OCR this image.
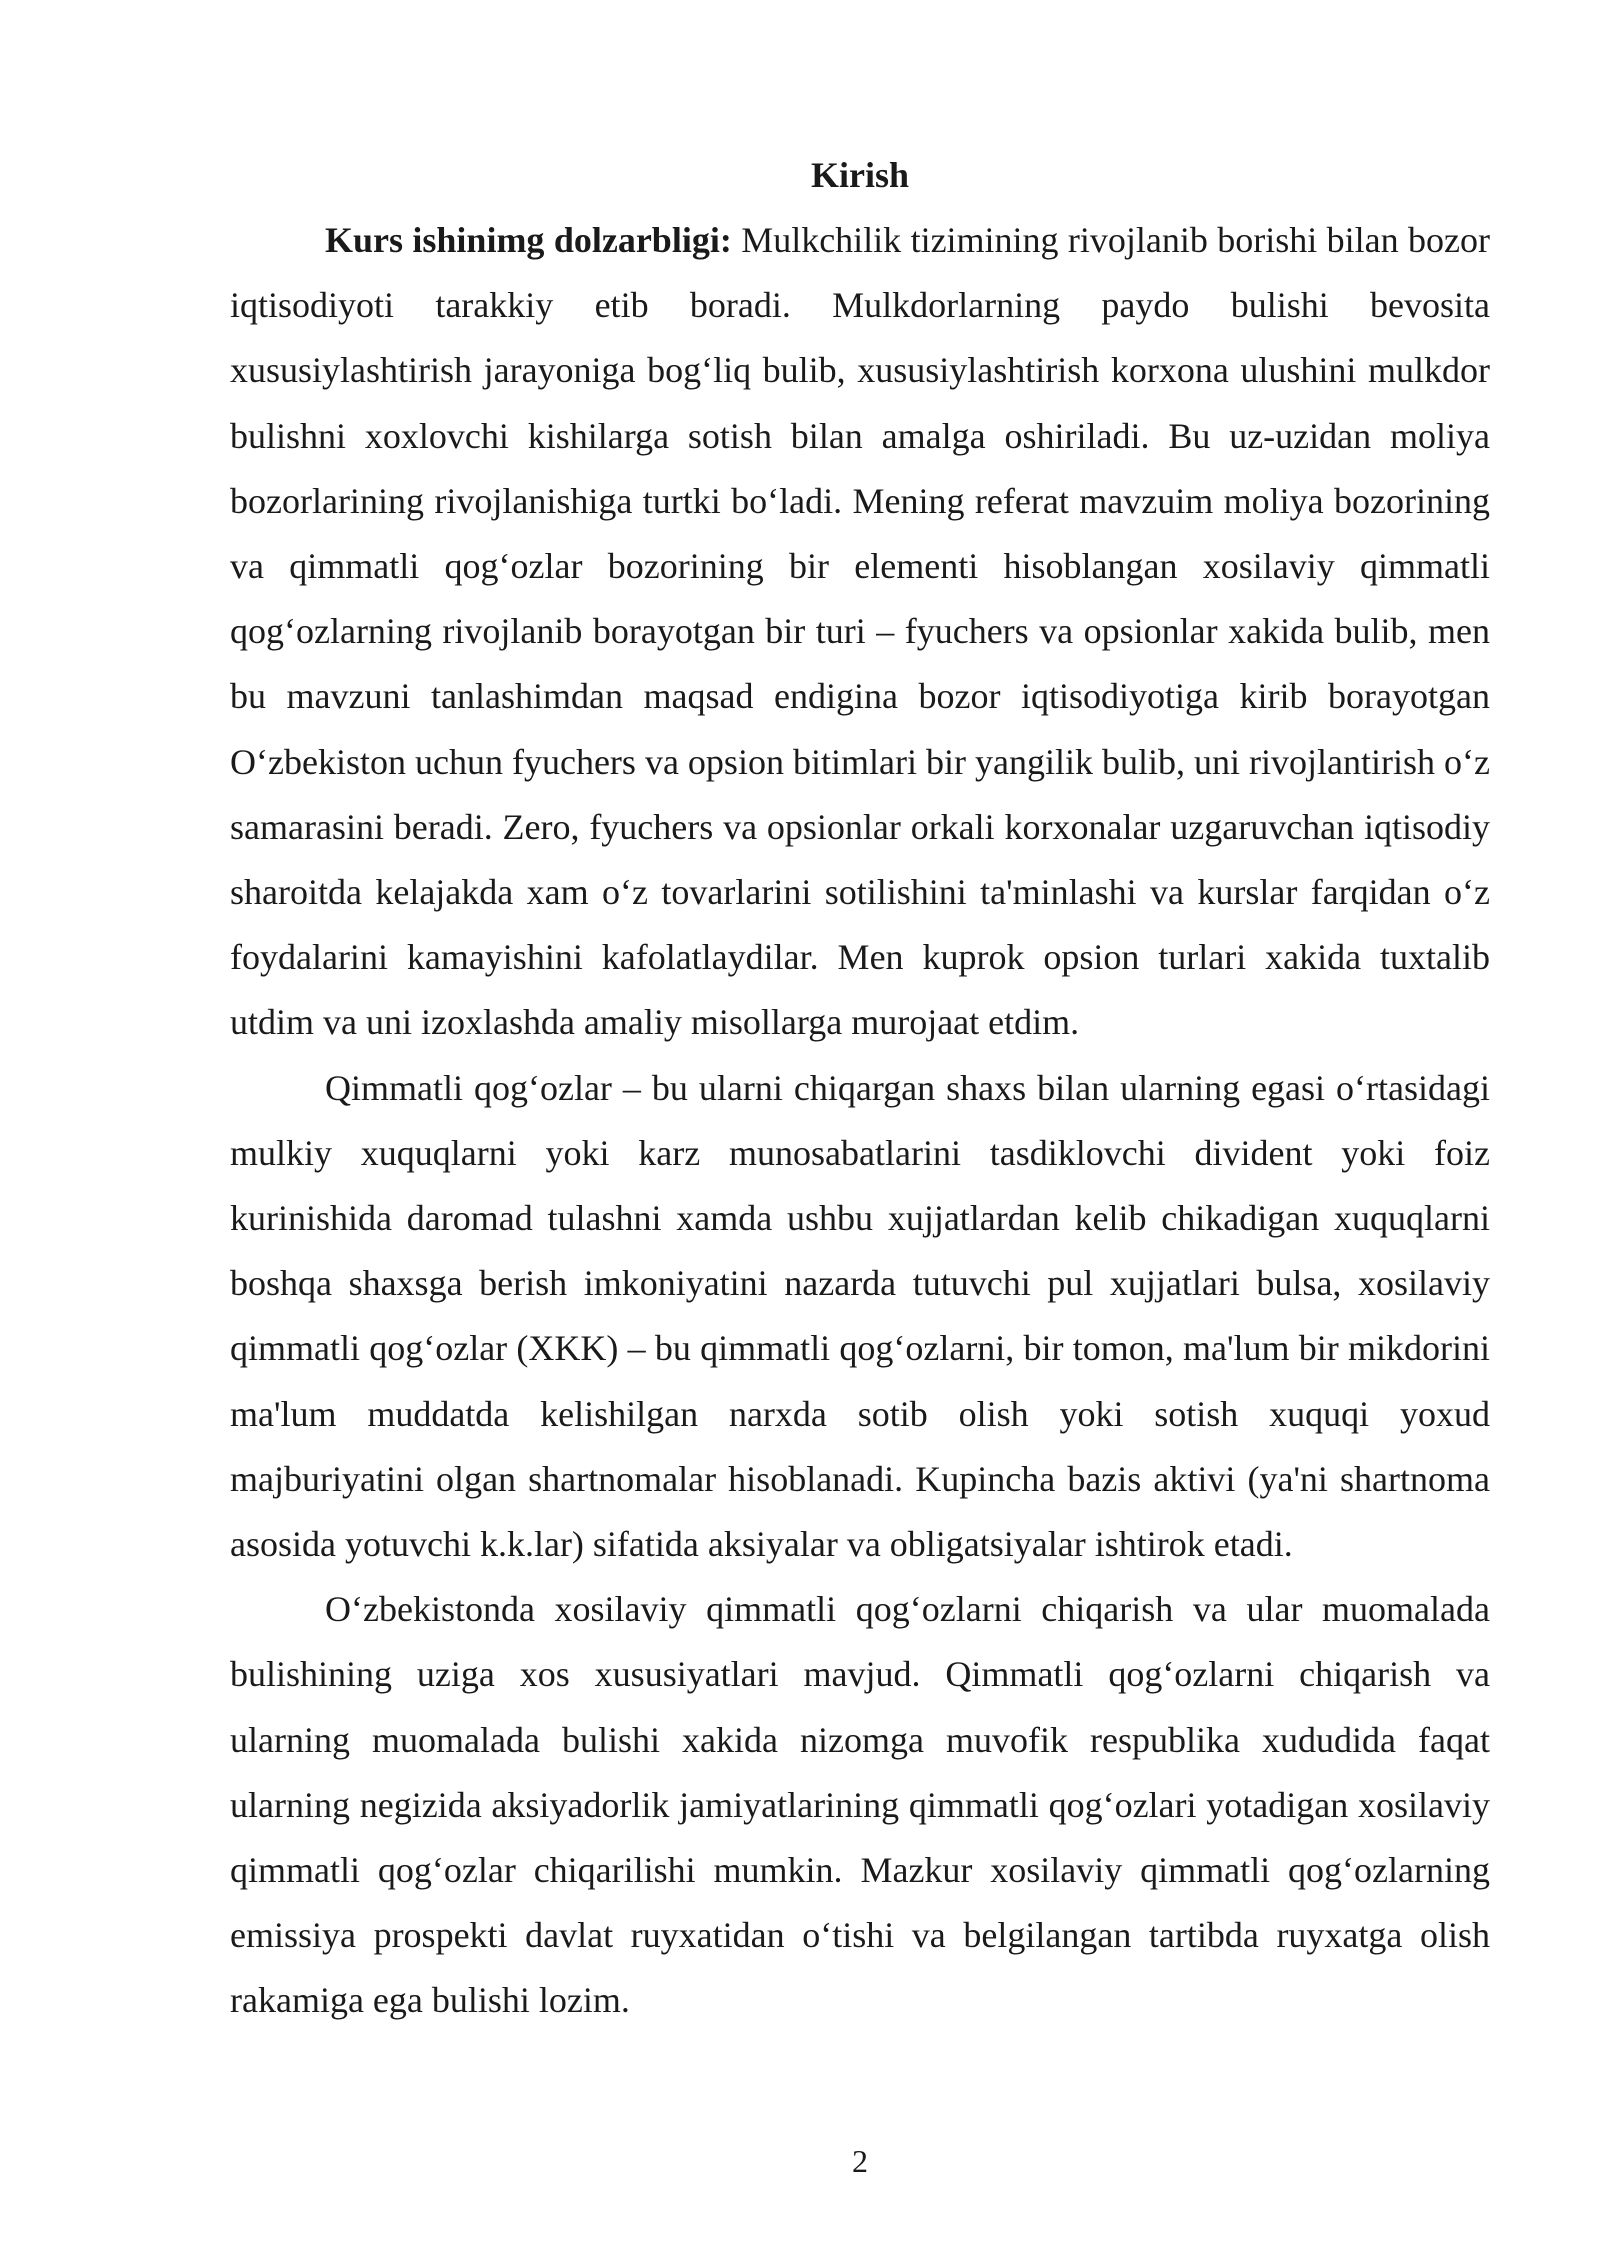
Kirish

Kurs ishinimg dolzarbligi: Mulkchilik tizimining rivojlanib borishi bilan bozor iqtisodiyoti tarakkiy etib boradi. Mulkdorlarning paydo bulishi bevosita xususiylashtirish jarayoniga bog‘liq bulib, xususiylashtirish korxona ulushini mulkdor bulishni xoxlovchi kishilarga sotish bilan amalga oshiriladi. Bu uz-uzidan moliya bozorlarining rivojlanishiga turtki bo‘ladi. Mening referat mavzuim moliya bozorining va qimmatli qog‘ozlar bozorining bir elementi hisoblangan xosilaviy qimmatli qog‘ozlarning rivojlanib borayotgan bir turi – fyuchers va opsionlar xakida bulib, men bu mavzuni tanlashimdan maqsad endigina bozor iqtisodiyotiga kirib borayotgan O‘zbekiston uchun fyuchers va opsion bitimlari bir yangilik bulib, uni rivojlantirish o‘z samarasini beradi. Zero, fyuchers va opsionlar orkali korxonalar uzgaruvchan iqtisodiy sharoitda kelajakda xam o‘z tovarlarini sotilishini ta'minlashi va kurslar farqidan o‘z foydalarini kamayishini kafolatlaydilar. Men kuprok opsion turlari xakida tuxtalib utdim va uni izoxlashda amaliy misollarga murojaat etdim.

Qimmatli qog‘ozlar – bu ularni chiqargan shaxs bilan ularning egasi o‘rtasidagi mulkiy xuquqlarni yoki karz munosabatlarini tasdiklovchi divident yoki foiz kurinishida daromad tulashni xamda ushbu xujjatlardan kelib chikadigan xuquqlarni boshqa shaxsga berish imkoniyatini nazarda tutuvchi pul xujjatlari bulsa, xosilaviy qimmatli qog‘ozlar (XKK) – bu qimmatli qog‘ozlarni, bir tomon, ma'lum bir mikdorini ma'lum muddatda kelishilgan narxda sotib olish yoki sotish xuquqi yoxud majburiyatini olgan shartnomalar hisoblanadi. Kupincha bazis aktivi (ya'ni shartnoma asosida yotuvchi k.k.lar) sifatida aksiyalar va obligatsiyalar ishtirok etadi.

O‘zbekistonda xosilaviy qimmatli qog‘ozlarni chiqarish va ular muomalada bulishining uziga xos xususiyatlari mavjud. Qimmatli qog‘ozlarni chiqarish va ularning muomalada bulishi xakida nizomga muvofik respublika xududida faqat ularning negizida aksiyadorlik jamiyatlarining qimmatli qog‘ozlari yotadigan xosilaviy qimmatli qog‘ozlar chiqarilishi mumkin. Mazkur xosilaviy qimmatli qog‘ozlarning emissiya prospekti davlat ruyxatidan o‘tishi va belgilangan tartibda ruyxatga olish rakamiga ega bulishi lozim.

2
